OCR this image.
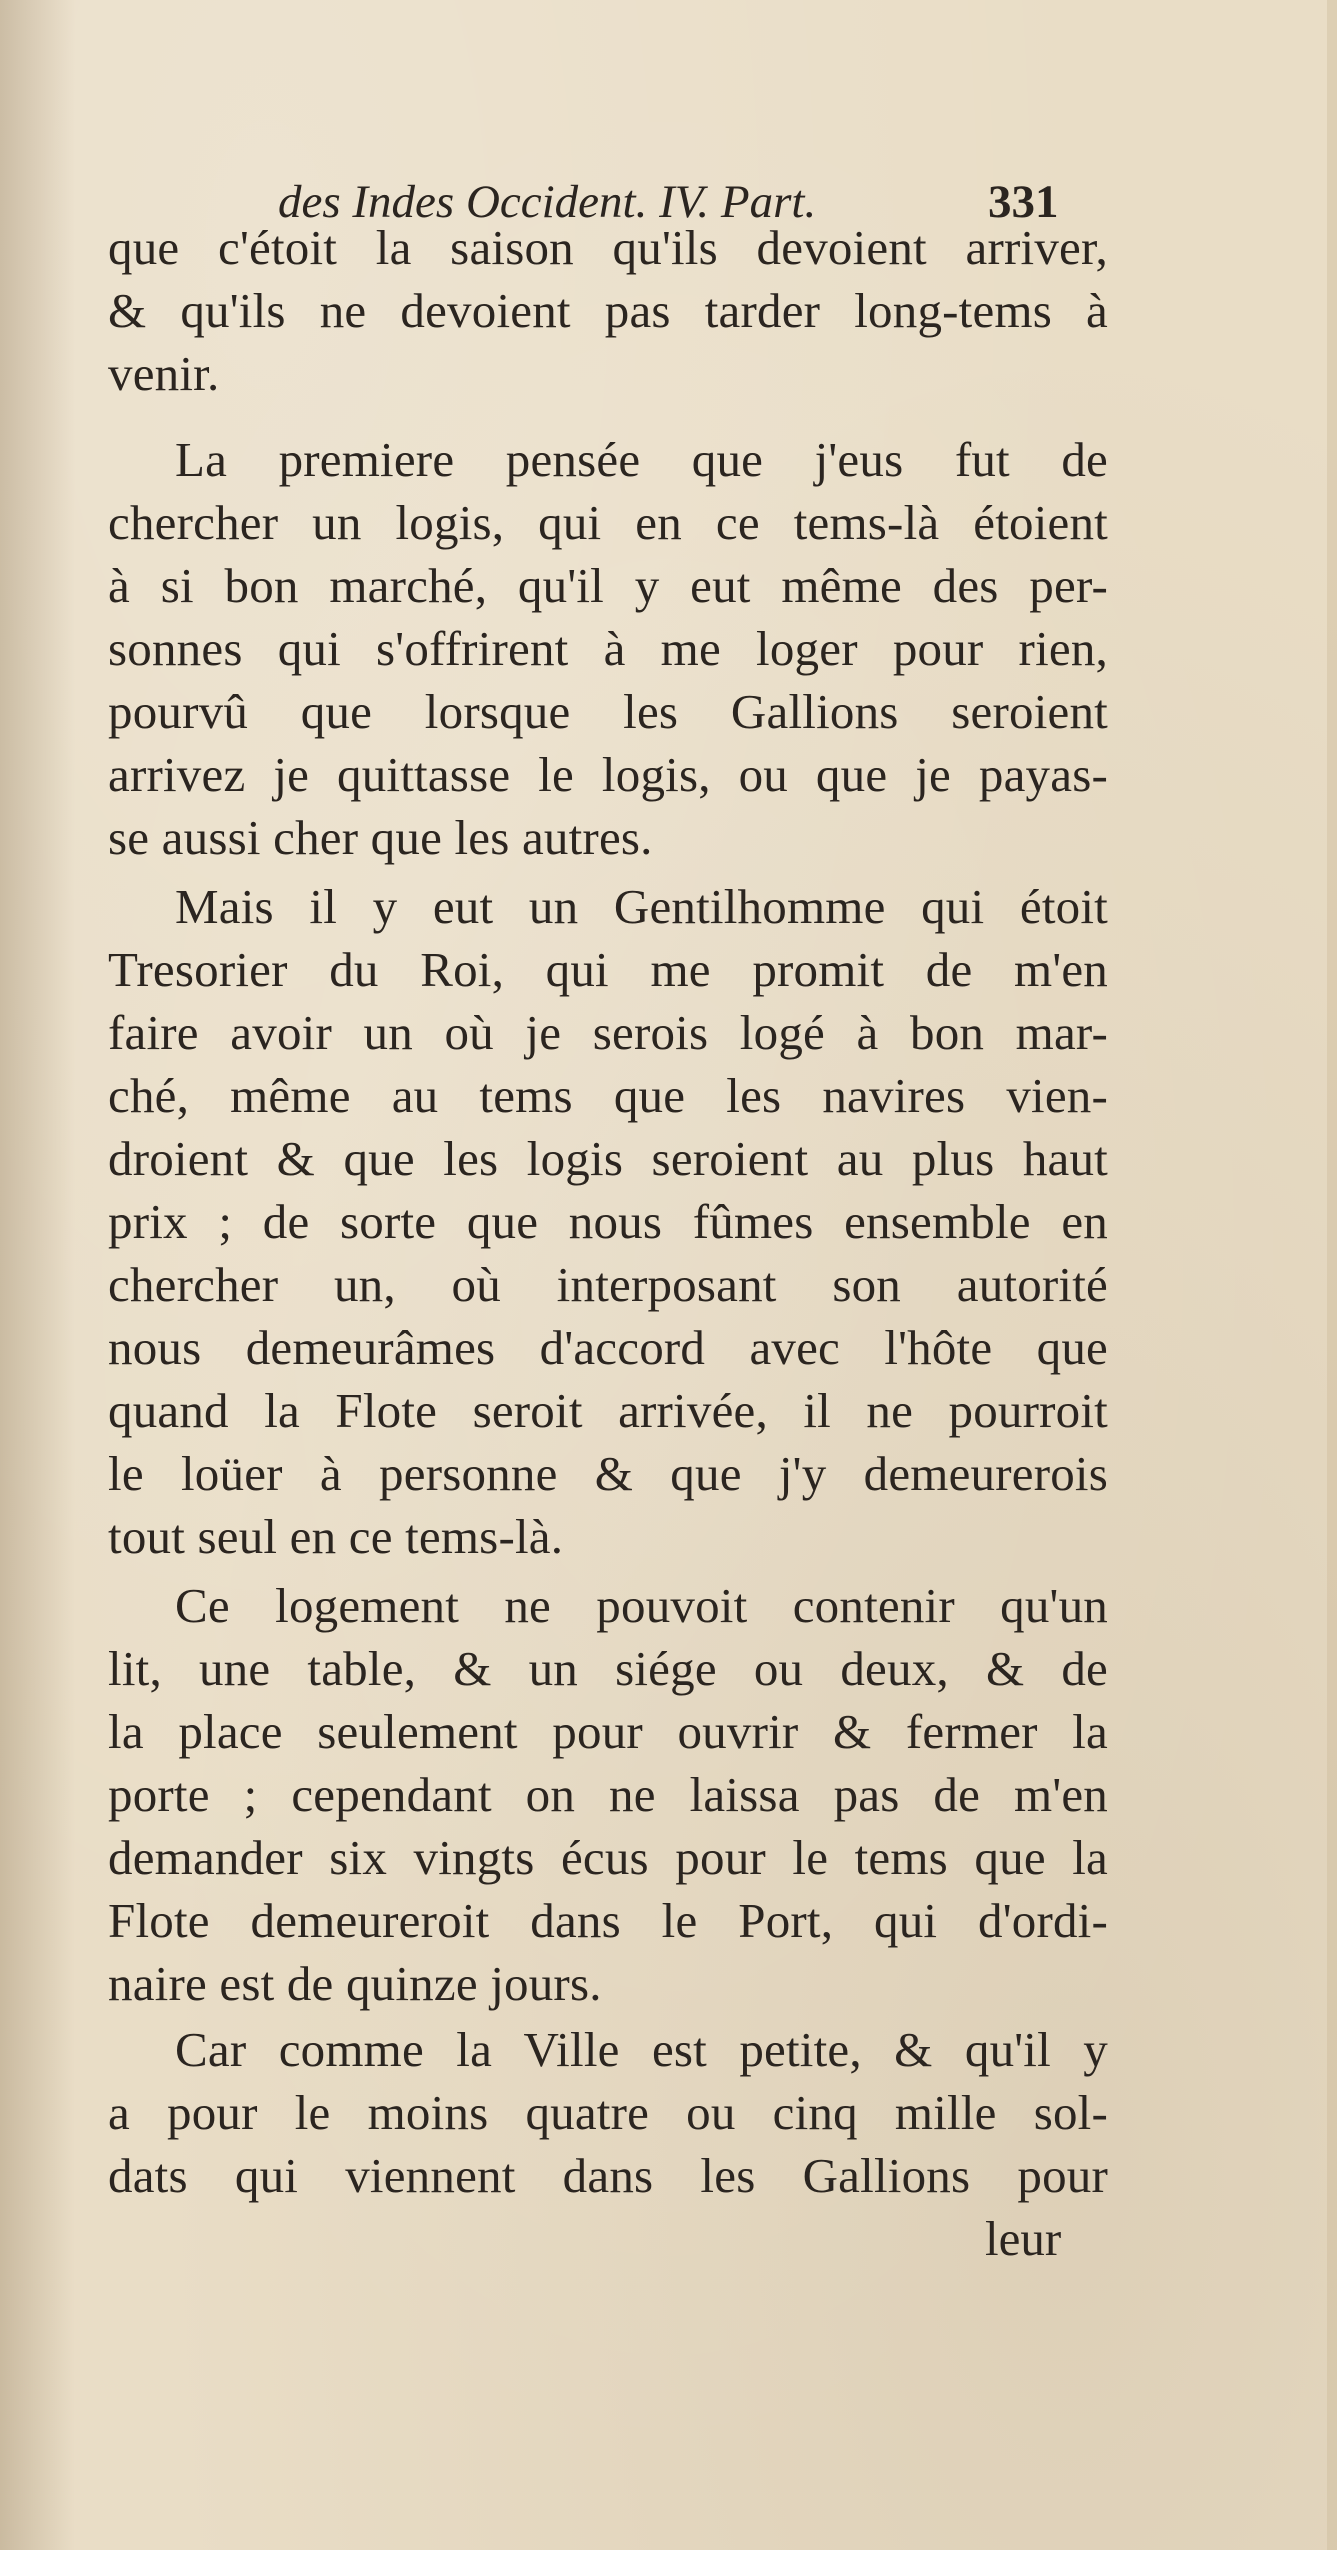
des Indes Occident. IV. Part.	331
que c'étoit la saison qu'ils devoient arriver,
& qu'ils ne devoient pas tarder long-tems à
venir.
La premiere pensée que j'eus fut de
chercher un logis, qui en ce tems-là étoient
à si bon marché, qu'il y eut même des per-
sonnes qui s'offrirent à me loger pour rien,
pourvû que lorsque les Gallions seroient
arrivez je quittasse le logis, ou que je payas-
se aussi cher que les autres.
Mais il y eut un Gentilhomme qui étoit
Tresorier du Roi, qui me promit de m'en
faire avoir un où je serois logé à bon mar-
ché, même au tems que les navires vien-
droient & que les logis seroient au plus haut
prix ; de sorte que nous fûmes ensemble en
chercher un, où interposant son autorité
nous demeurâmes d'accord avec l'hôte que
quand la Flote seroit arrivée, il ne pourroit
le loüer à personne & que j'y demeurerois
tout seul en ce tems-là.
Ce logement ne pouvoit contenir qu'un
lit, une table, & un siége ou deux, & de
la place seulement pour ouvrir & fermer la
porte ; cependant on ne laissa pas de m'en
demander six vingts écus pour le tems que la
Flote demeureroit dans le Port, qui d'ordi-
naire est de quinze jours.
Car comme la Ville est petite, & qu'il y
a pour le moins quatre ou cinq mille sol-
dats qui viennent dans les Gallions pour
leur
